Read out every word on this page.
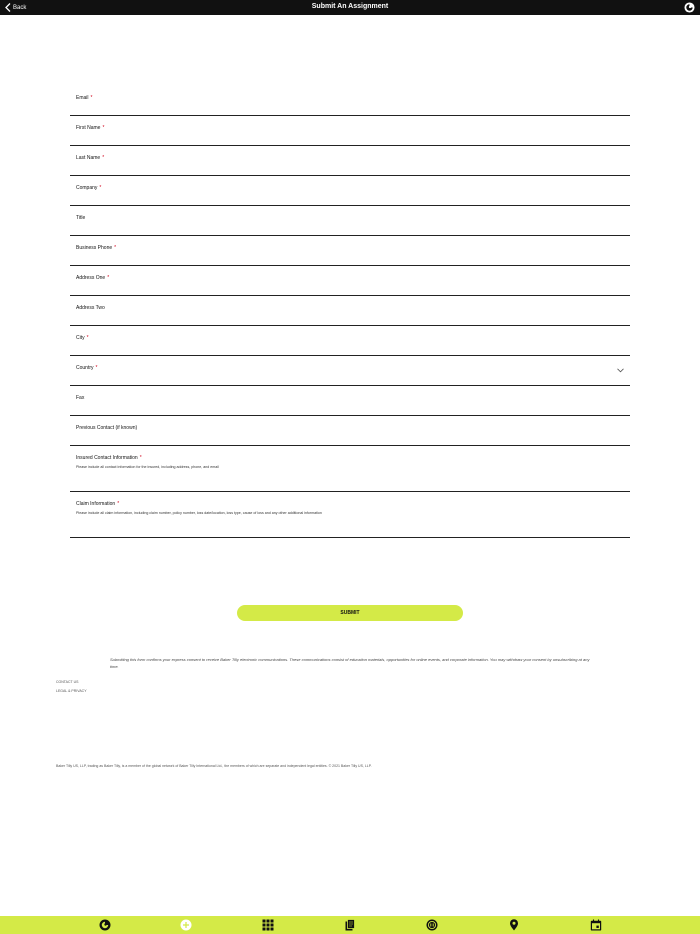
Back	Submit An Assignment
Email *
First Name *
Last Name *
Company *
Title
Business Phone *
Address One *
Address Two
City *
Country *
Fax
Previous Contact (if known)
Insured Contact Information *
Please include all contact information for the insured, including address, phone, and email
Claim Information *
Please include all claim information, including claim number, policy number, loss date/location, loss type, cause of loss and any other additional information
SUBMIT
Submitting this form confirms your express consent to receive Baker Tilly electronic communications. These communications consist of education materials, opportunities for online events, and corporate information. You may withdraw your consent by unsubscribing at any time.
CONTACT US
LEGAL & PRIVACY
Baker Tilly US, LLP, trading as Baker Tilly, is a member of the global network of Baker Tilly International Ltd., the members of which are separate and independent legal entities. © 2021 Baker Tilly US, LLP.
